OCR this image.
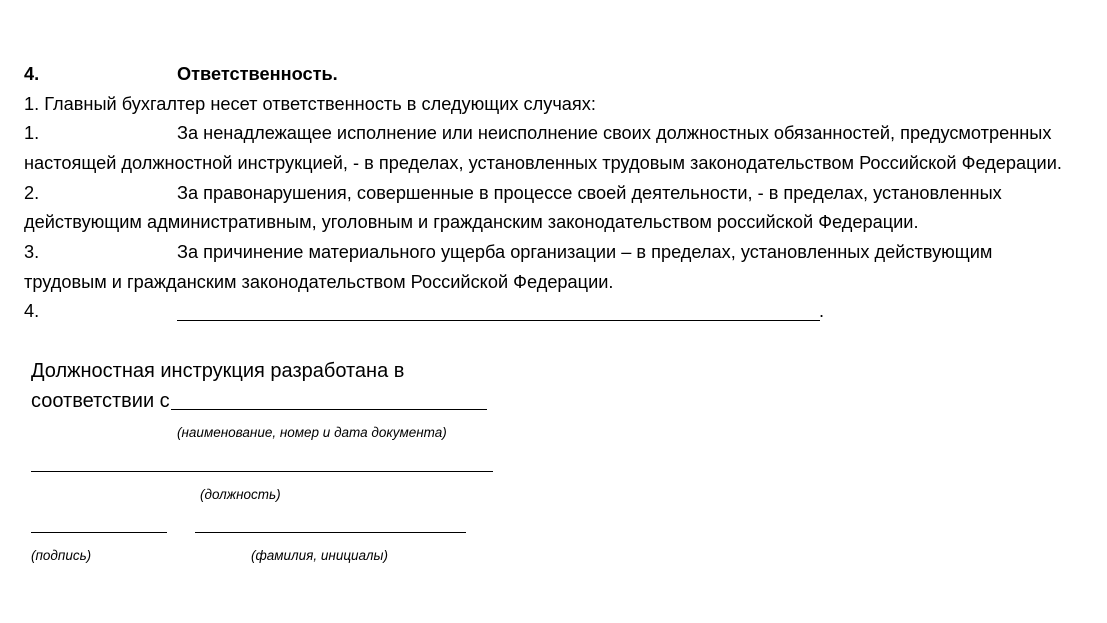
4.	Ответственность.
1. Главный бухгалтер несет ответственность в следующих случаях:
1.	За ненадлежащее исполнение или неисполнение своих должностных обязанностей, предусмотренных
настоящей должностной инструкцией, - в пределах, установленных трудовым законодательством Российской Федерации.
2.	За правонарушения, совершенные в процессе своей деятельности, - в пределах, установленных
действующим административным, уголовным и гражданским законодательством российской Федерации.
3.	За причинение материального ущерба организации – в пределах, установленных действующим
трудовым и гражданским законодательством Российской Федерации.
4.	.
Должностная инструкция разработана в
соответствии с
(наименование, номер и дата документа)
(должность)
(подпись)	(фамилия, инициалы)
